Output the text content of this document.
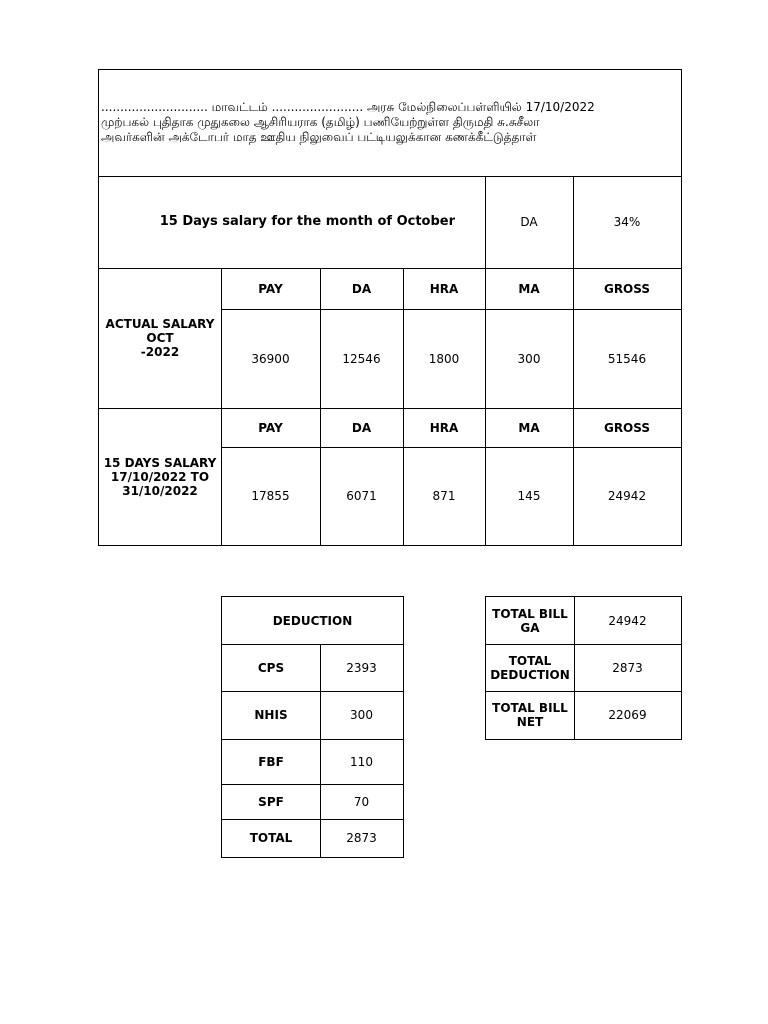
............................ மாவட்டம் ........................ அரசு மேல்நிலைப்பள்ளியில் 17/10/2022
முற்பகல் புதிதாக முதுகலை ஆசிரியராக (தமிழ்) பணியேற்றுள்ள திருமதி சு.சுசீலா
அவர்களின் அக்டோபர் மாத ஊதிய நிலுவைப் பட்டியலுக்கான கணக்கீட்டுத்தாள்
15 Days salary for the month of October	DA	34%
ACTUAL SALARY OCT
-2022
PAY	DA	HRA	MA	GROSS
36900	12546	1800	300	51546
15 DAYS SALARY
17/10/2022 TO
31/10/2022
PAY	DA	HRA	MA	GROSS
17855	6071	871	145	24942
DEDUCTION
CPS	2393
NHIS	300
FBF	110
SPF	70
TOTAL	2873
TOTAL BILL
GA	24942
TOTAL
DEDUCTION	2873
TOTAL BILL
NET	22069
